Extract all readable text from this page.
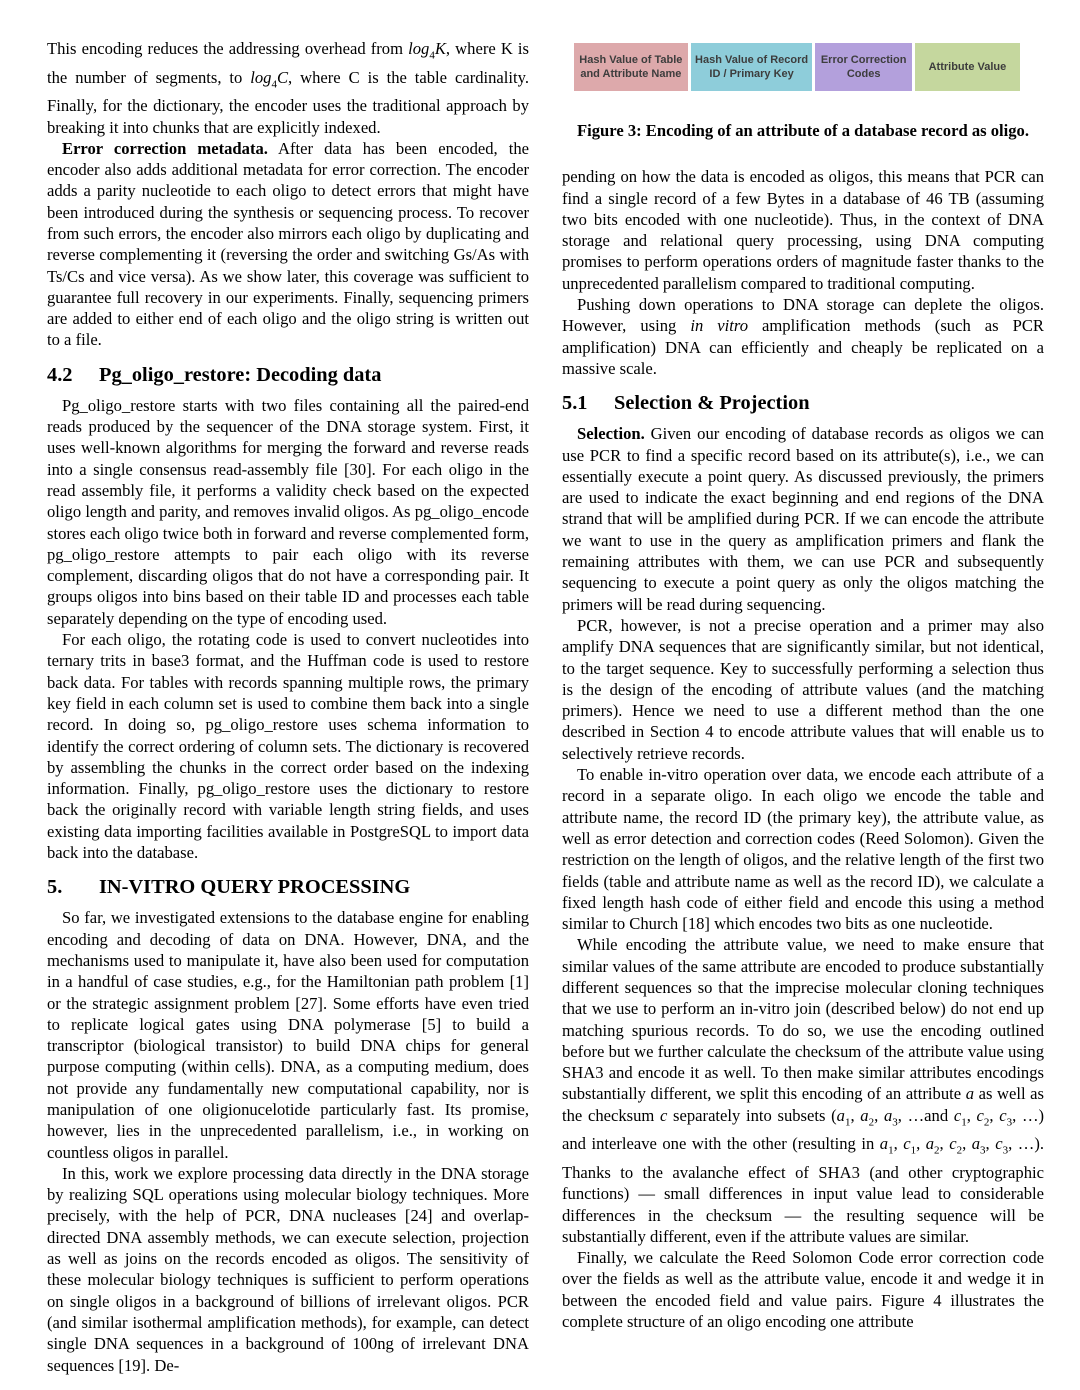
This encoding reduces the addressing overhead from $\log_4K$, where K is the number of segments, to $\log_4C$, where C is the table cardinality. Finally, for the dictionary, the encoder uses the traditional approach by breaking it into chunks that are explicitly indexed.

Error correction metadata. After data has been encoded, the encoder also adds additional metadata for error correction. The encoder adds a parity nucleotide to each oligo to detect errors that might have been introduced during the synthesis or sequencing process. To recover from such errors, the encoder also mirrors each oligo by duplicating and reverse complementing it (reversing the order and switching Gs/As with Ts/Cs and vice versa). As we show later, this coverage was sufficient to guarantee full recovery in our experiments. Finally, sequencing primers are added to either end of each oligo and the oligo string is written out to a file.

4.2 Pg_oligo_restore: Decoding data

Pg_oligo_restore starts with two files containing all the paired-end reads produced by the sequencer of the DNA storage system. First, it uses well-known algorithms for merging the forward and reverse reads into a single consensus read-assembly file [30]. For each oligo in the read assembly file, it performs a validity check based on the expected oligo length and parity, and removes invalid oligos. As pg_oligo_encode stores each oligo twice both in forward and reverse complemented form, pg_oligo_restore attempts to pair each oligo with its reverse complement, discarding oligos that do not have a corresponding pair. It groups oligos into bins based on their table ID and processes each table separately depending on the type of encoding used.

For each oligo, the rotating code is used to convert nucleotides into ternary trits in base3 format, and the Huffman code is used to restore back data. For tables with records spanning multiple rows, the primary key field in each column set is used to combine them back into a single record. In doing so, pg_oligo_restore uses schema information to identify the correct ordering of column sets. The dictionary is recovered by assembling the chunks in the correct order based on the indexing information. Finally, pg_oligo_restore uses the dictionary to restore back the originally record with variable length string fields, and uses existing data importing facilities available in PostgreSQL to import data back into the database.

5. IN-VITRO QUERY PROCESSING

So far, we investigated extensions to the database engine for enabling encoding and decoding of data on DNA. However, DNA, and the mechanisms used to manipulate it, have also been used for computation in a handful of case studies, e.g., for the Hamiltonian path problem [1] or the strategic assignment problem [27]. Some efforts have even tried to replicate logical gates using DNA polymerase [5] to build a transcriptor (biological transistor) to build DNA chips for general purpose computing (within cells). DNA, as a computing medium, does not provide any fundamentally new computational capability, nor is manipulation of one oligionucelotide particularly fast. Its promise, however, lies in the unprecedented parallelism, i.e., in working on countless oligos in parallel.

In this, work we explore processing data directly in the DNA storage by realizing SQL operations using molecular biology techniques. More precisely, with the help of PCR, DNA nucleases [24] and overlap-directed DNA assembly methods, we can execute selection, projection as well as joins on the records encoded as oligos. The sensitivity of these molecular biology techniques is sufficient to perform operations on single oligos in a background of billions of irrelevant oligos. PCR (and similar isothermal amplification methods), for example, can detect single DNA sequences in a background of 100ng of irrelevant DNA sequences [19]. De-

Hash Value of Table and Attribute Name
Hash Value of Record ID / Primary Key
Error Correction Codes
Attribute Value

Figure 3: Encoding of an attribute of a database record as oligo.

pending on how the data is encoded as oligos, this means that PCR can find a single record of a few Bytes in a database of 46 TB (assuming two bits encoded with one nucleotide). Thus, in the context of DNA storage and relational query processing, using DNA computing promises to perform operations orders of magnitude faster thanks to the unprecedented parallelism compared to traditional computing.

Pushing down operations to DNA storage can deplete the oligos. However, using in vitro amplification methods (such as PCR amplification) DNA can efficiently and cheaply be replicated on a massive scale.

5.1 Selection & Projection

Selection. Given our encoding of database records as oligos we can use PCR to find a specific record based on its attribute(s), i.e., we can essentially execute a point query. As discussed previously, the primers are used to indicate the exact beginning and end regions of the DNA strand that will be amplified during PCR. If we can encode the attribute we want to use in the query as amplification primers and flank the remaining attributes with them, we can use PCR and subsequently sequencing to execute a point query as only the oligos matching the primers will be read during sequencing.

PCR, however, is not a precise operation and a primer may also amplify DNA sequences that are significantly similar, but not identical, to the target sequence. Key to successfully performing a selection thus is the design of the encoding of attribute values (and the matching primers). Hence we need to use a different method than the one described in Section 4 to encode attribute values that will enable us to selectively retrieve records.

To enable in-vitro operation over data, we encode each attribute of a record in a separate oligo. In each oligo we encode the table and attribute name, the record ID (the primary key), the attribute value, as well as error detection and correction codes (Reed Solomon). Given the restriction on the length of oligos, and the relative length of the first two fields (table and attribute name as well as the record ID), we calculate a fixed length hash code of either field and encode this using a method similar to Church [18] which encodes two bits as one nucleotide.

While encoding the attribute value, we need to make ensure that similar values of the same attribute are encoded to produce substantially different sequences so that the imprecise molecular cloning techniques that we use to perform an in-vitro join (described below) do not end up matching spurious records. To do so, we use the encoding outlined before but we further calculate the checksum of the attribute value using SHA3 and encode it as well. To then make similar attributes encodings substantially different, we split this encoding of an attribute a as well as the checksum c separately into subsets ($a_1$, $a_2$, $a_3$, …and $c_1$, $c_2$, $c_3$, …) and interleave one with the other (resulting in $a_1$, $c_1$, $a_2$, $c_2$, $a_3$, $c_3$, …). Thanks to the avalanche effect of SHA3 (and other cryptographic functions) — small differences in input value lead to considerable differences in the checksum — the resulting sequence will be substantially different, even if the attribute values are similar.

Finally, we calculate the Reed Solomon Code error correction code over the fields as well as the attribute value, encode it and wedge it in between the encoded field and value pairs. Figure 4 illustrates the complete structure of an oligo encoding one attribute
